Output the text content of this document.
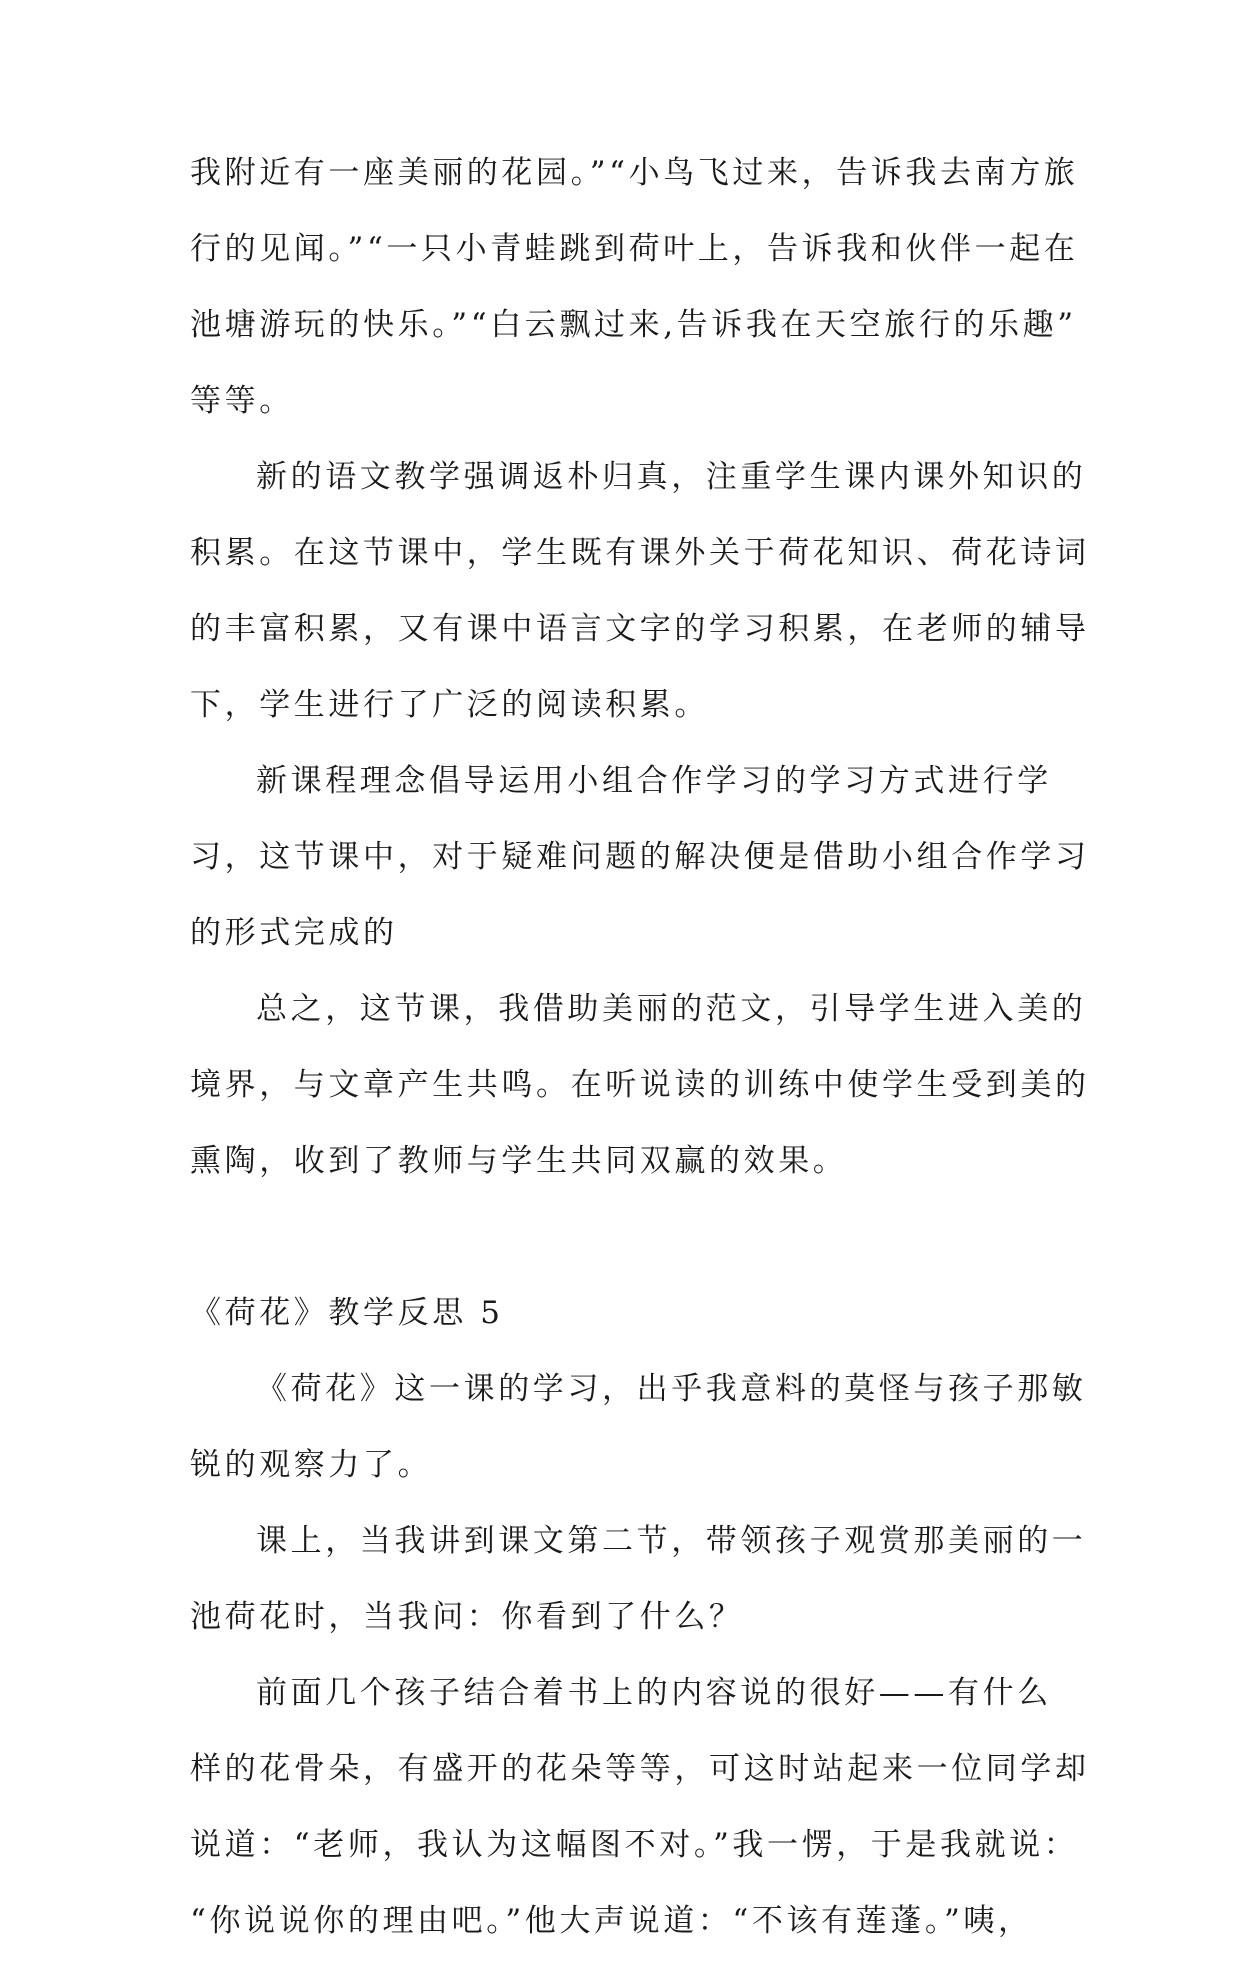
我附近有一座美丽的花园。”“小鸟飞过来，告诉我去南方旅
行的见闻。”“一只小青蛙跳到荷叶上，告诉我和伙伴一起在
池塘游玩的快乐。”“白云飘过来,告诉我在天空旅行的乐趣”
等等。
新的语文教学强调返朴归真，注重学生课内课外知识的
积累。在这节课中，学生既有课外关于荷花知识、荷花诗词
的丰富积累，又有课中语言文字的学习积累，在老师的辅导
下，学生进行了广泛的阅读积累。
新课程理念倡导运用小组合作学习的学习方式进行学
习，这节课中，对于疑难问题的解决便是借助小组合作学习
的形式完成的
总之，这节课，我借助美丽的范文，引导学生进入美的
境界，与文章产生共鸣。在听说读的训练中使学生受到美的
熏陶，收到了教师与学生共同双赢的效果。
《荷花》教学反思 5
《荷花》这一课的学习，出乎我意料的莫怪与孩子那敏
锐的观察力了。
课上，当我讲到课文第二节，带领孩子观赏那美丽的一
池荷花时，当我问：你看到了什么？
前面几个孩子结合着书上的内容说的很好——有什么
样的花骨朵，有盛开的花朵等等，可这时站起来一位同学却
说道：“老师，我认为这幅图不对。”我一愣，于是我就说：
“你说说你的理由吧。”他大声说道：“不该有莲蓬。”咦，
